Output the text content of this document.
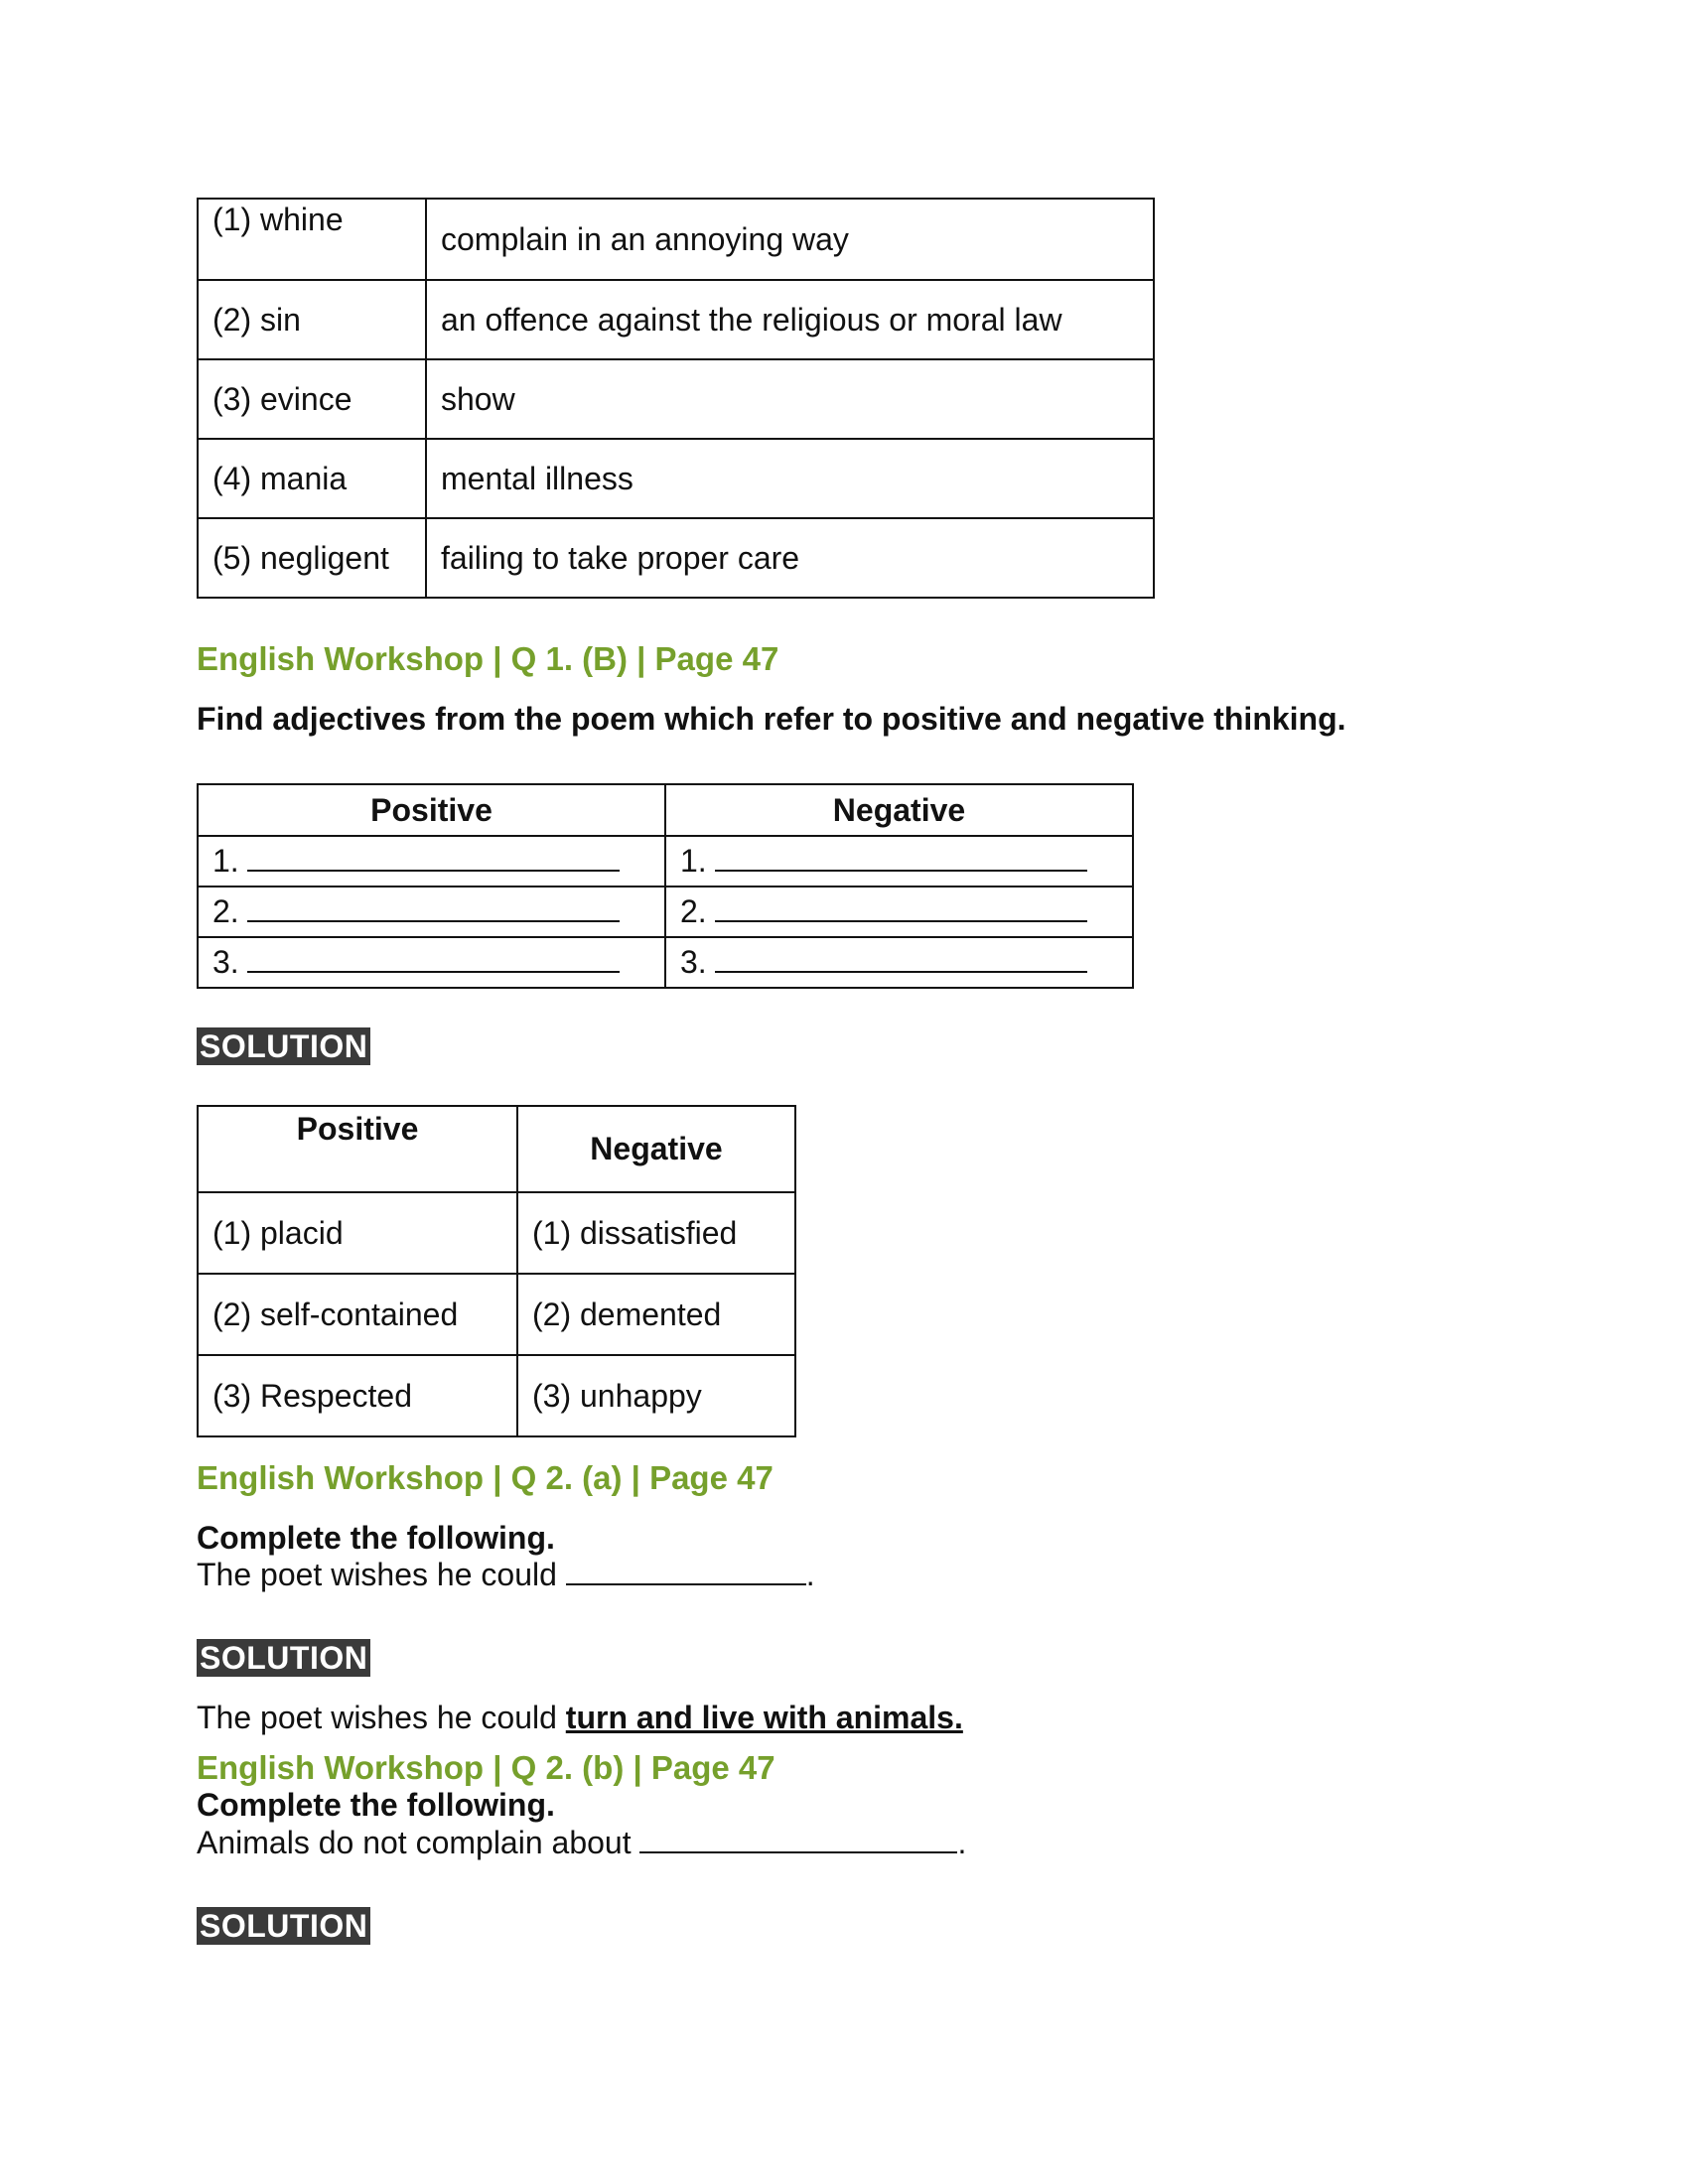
(1) whine	complain in an annoying way
(2) sin	an offence against the religious or moral law
(3) evince	show
(4) mania	mental illness
(5) negligent	failing to take proper care
English Workshop | Q 1. (B) | Page 47
Find adjectives from the poem which refer to positive and negative thinking.
Positive	Negative
1.	1.
2.	2.
3.	3.
SOLUTION
Positive	Negative
(1) placid	(1) dissatisfied
(2) self-contained	(2) demented
(3) Respected	(3) unhappy
English Workshop | Q 2. (a) | Page 47
Complete the following.
The poet wishes he could	.
SOLUTION
The poet wishes he could turn and live with animals.
English Workshop | Q 2. (b) | Page 47
Complete the following.
Animals do not complain about	.
SOLUTION
